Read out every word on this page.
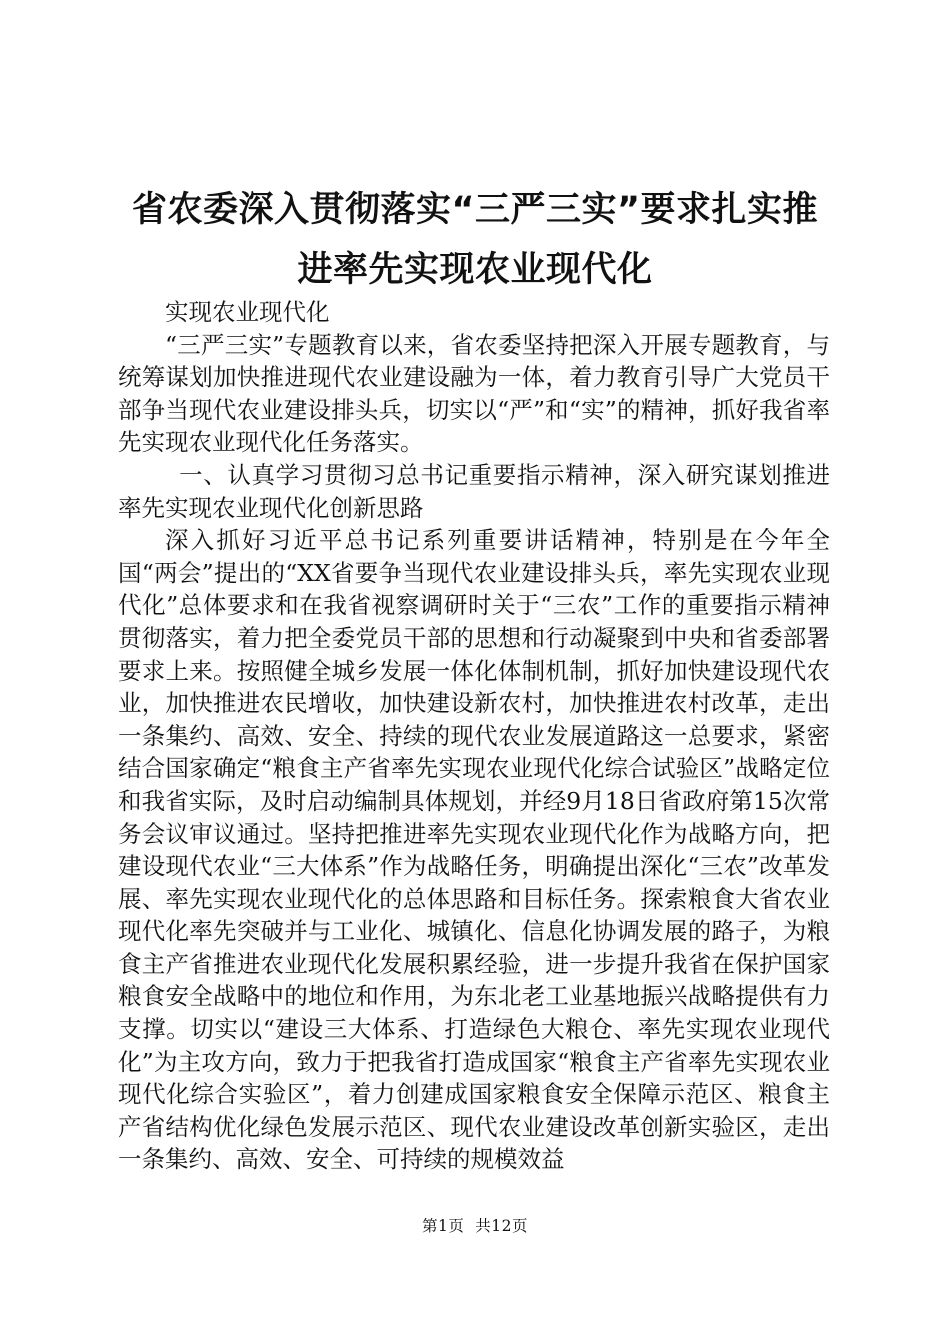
省农委深入贯彻落实“三严三实”要求扎实推
进率先实现农业现代化

实现农业现代化

“三严三实”专题教育以来，省农委坚持把深入开展专题教育，与统筹谋划加快推进现代农业建设融为一体，着力教育引导广大党员干部争当现代农业建设排头兵，切实以“严”和“实”的精神，抓好我省率先实现农业现代化任务落实。

一、认真学习贯彻习总书记重要指示精神，深入研究谋划推进率先实现农业现代化创新思路

深入抓好习近平总书记系列重要讲话精神，特别是在今年全国“两会”提出的“XX省要争当现代农业建设排头兵，率先实现农业现代化”总体要求和在我省视察调研时关于“三农”工作的重要指示精神贯彻落实，着力把全委党员干部的思想和行动凝聚到中央和省委部署要求上来。按照健全城乡发展一体化体制机制，抓好加快建设现代农业，加快推进农民增收，加快建设新农村，加快推进农村改革，走出一条集约、高效、安全、持续的现代农业发展道路这一总要求，紧密结合国家确定“粮食主产省率先实现农业现代化综合试验区”战略定位和我省实际，及时启动编制具体规划，并经9月18日省政府第15次常务会议审议通过。坚持把推进率先实现农业现代化作为战略方向，把建设现代农业“三大体系”作为战略任务，明确提出深化“三农”改革发展、率先实现农业现代化的总体思路和目标任务。探索粮食大省农业现代化率先突破并与工业化、城镇化、信息化协调发展的路子，为粮食主产省推进农业现代化发展积累经验，进一步提升我省在保护国家粮食安全战略中的地位和作用，为东北老工业基地振兴战略提供有力支撑。切实以“建设三大体系、打造绿色大粮仓、率先实现农业现代化”为主攻方向，致力于把我省打造成国家“粮食主产省率先实现农业现代化综合实验区”，着力创建成国家粮食安全保障示范区、粮食主产省结构优化绿色发展示范区、现代农业建设改革创新实验区，走出一条集约、高效、安全、可持续的规模效益

第1页  共12页
